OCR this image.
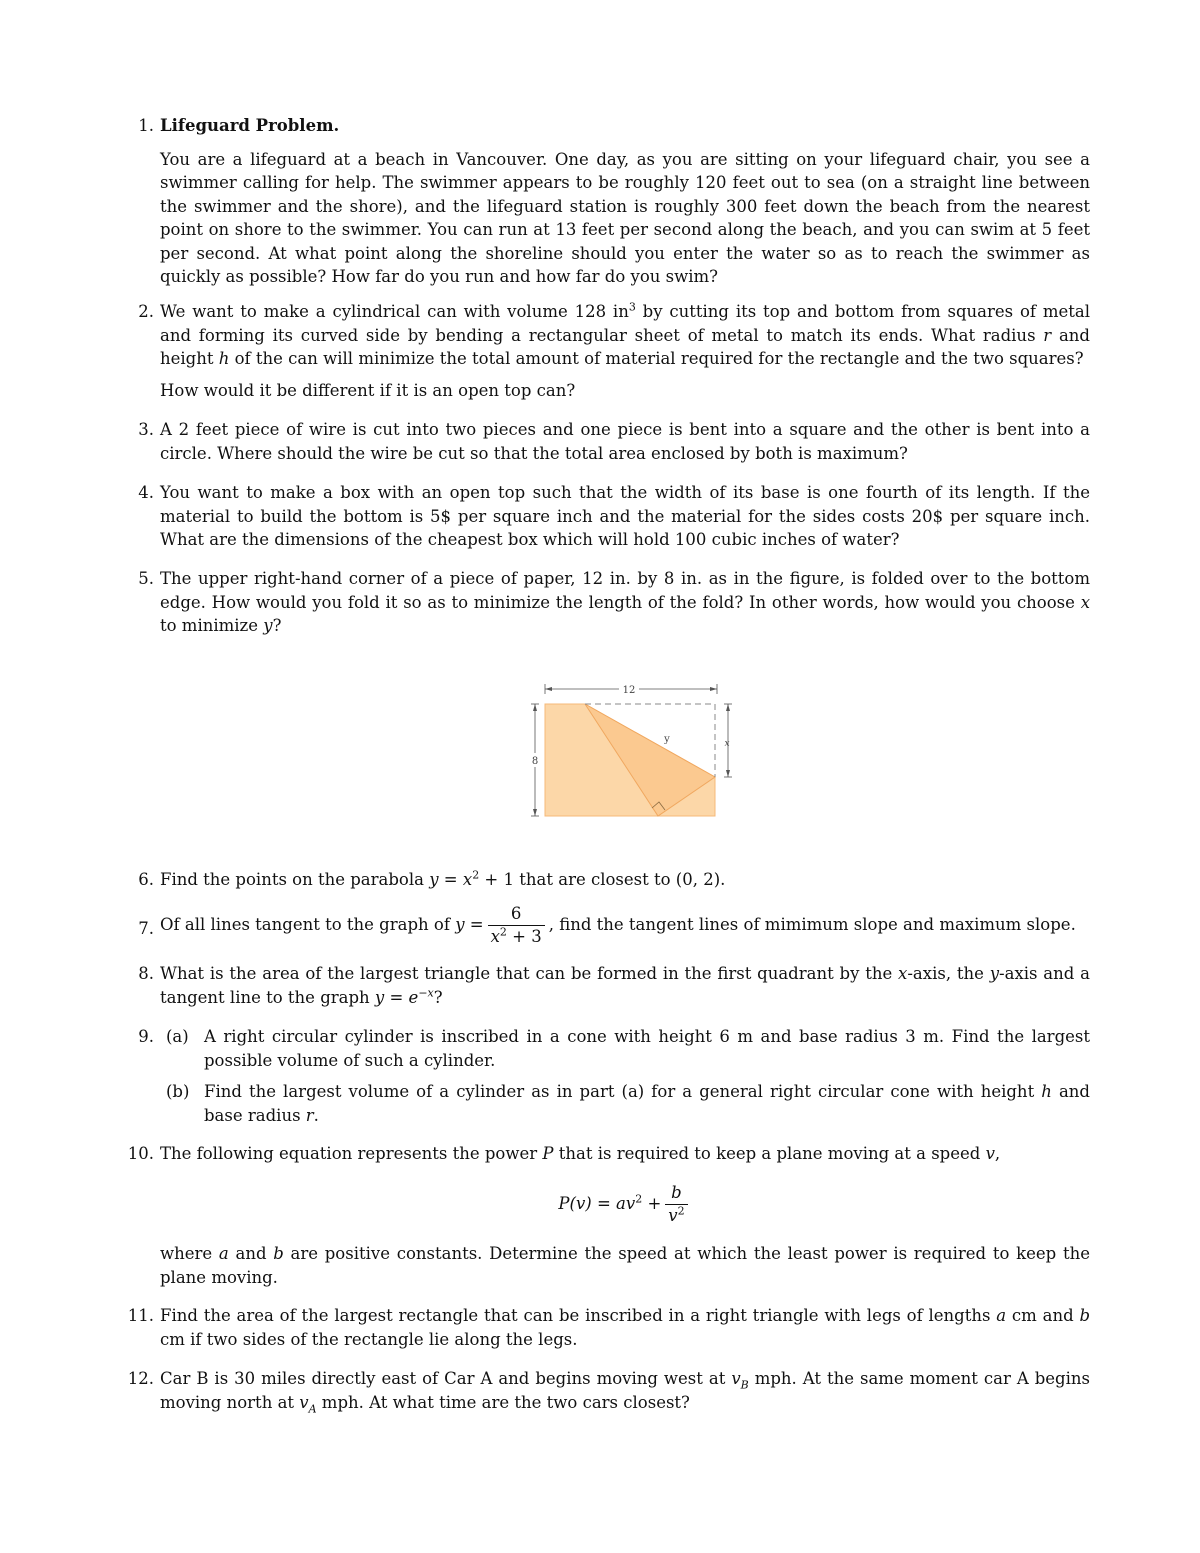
1. Lifeguard Problem.
You are a lifeguard at a beach in Vancouver. One day, as you are sitting on your lifeguard chair, you see a swimmer calling for help. The swimmer appears to be roughly 120 feet out to sea (on a straight line between the swimmer and the shore), and the lifeguard station is roughly 300 feet down the beach from the nearest point on shore to the swimmer. You can run at 13 feet per second along the beach, and you can swim at 5 feet per second. At what point along the shoreline should you enter the water so as to reach the swimmer as quickly as possible? How far do you run and how far do you swim?
2. We want to make a cylindrical can with volume 128 $in^3$ by cutting its top and bottom from squares of metal and forming its curved side by bending a rectangular sheet of metal to match its ends. What radius r and height h of the can will minimize the total amount of material required for the rectangle and the two squares?
How would it be different if it is an open top can?
3. A 2 feet piece of wire is cut into two pieces and one piece is bent into a square and the other is bent into a circle. Where should the wire be cut so that the total area enclosed by both is maximum?
4. You want to make a box with an open top such that the width of its base is one fourth of its length. If the material to build the bottom is 5$ per square inch and the material for the sides costs 20$ per square inch. What are the dimensions of the cheapest box which will hold 100 cubic inches of water?
5. The upper right-hand corner of a piece of paper, 12 in. by 8 in. as in the figure, is folded over to the bottom edge. How would you fold it so as to minimize the length of the fold? In other words, how would you choose x to minimize y?
12
8
x
y
6. Find the points on the parabola $y = x^2 + 1$ that are closest to (0, 2).
7. Of all lines tangent to the graph of $y = \frac{6}{x^2 + 3}$ , find the tangent lines of mimimum slope and maximum slope.
8. What is the area of the largest triangle that can be formed in the first quadrant by the x-axis, the y-axis and a tangent line to the graph $y = e^{-x}$?
9. (a) A right circular cylinder is inscribed in a cone with height 6 m and base radius 3 m. Find the largest possible volume of such a cylinder.
(b) Find the largest volume of a cylinder as in part (a) for a general right circular cone with height h and base radius r.
10. The following equation represents the power P that is required to keep a plane moving at a speed v,
$P(v) = av^2 + \frac{b}{v^2}$
where a and b are positive constants. Determine the speed at which the least power is required to keep the plane moving.
11. Find the area of the largest rectangle that can be inscribed in a right triangle with legs of lengths a cm and b cm if two sides of the rectangle lie along the legs.
12. Car B is 30 miles directly east of Car A and begins moving west at $v_B$ mph. At the same moment car A begins moving north at $v_A$ mph. At what time are the two cars closest?
